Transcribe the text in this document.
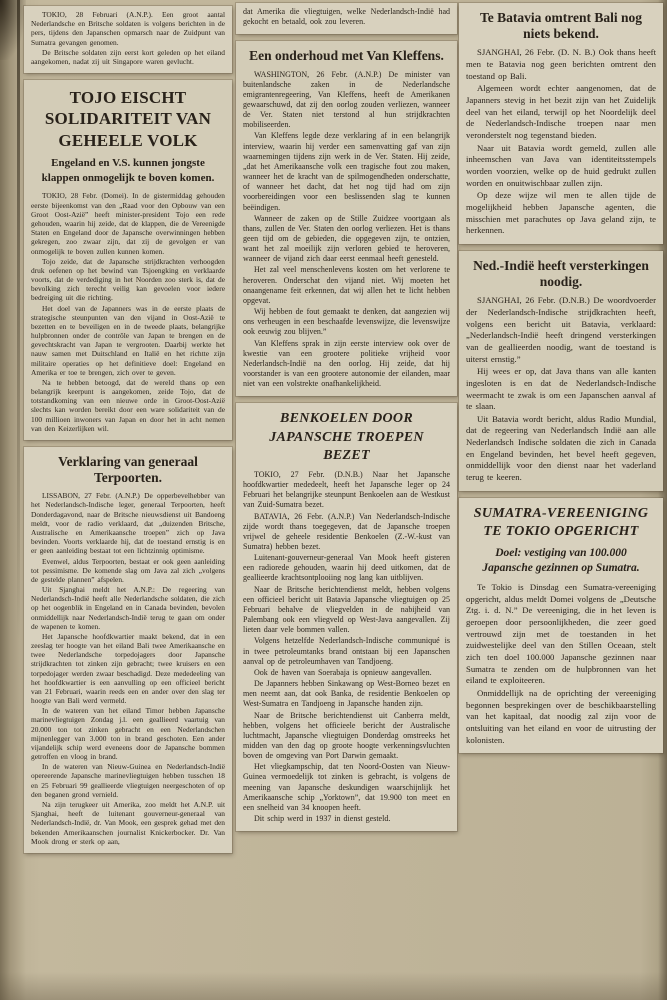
TOKIO, 28 Februari (A.N.P.). Een groot aantal Nederlandsche en Britsche soldaten is volgens berichten in de pers, tijdens den Japanschen opmarsch naar de Zuidpunt van Sumatra gevangen genomen.

De Britsche soldaten zijn eerst kort geleden op het eiland aangekomen, nadat zij uit Singapore waren gevlucht.

TOJO EISCHT SOLIDARITEIT VAN GEHEELE VOLK
Engeland en V.S. kunnen jongste klappen onmogelijk te boven komen.

TOKIO, 28 Febr. (Domei). In de gistermiddag gehouden eerste bijeenkomst van den „Raad voor den Opbouw van een Groot Oost-Azië” heeft minister-president Tojo een rede gehouden, waarin hij zeide, dat de klappen, die de Vereenigde Staten en Engeland door de Japansche overwinningen hebben gekregen, zoo zwaar zijn, dat zij de gevolgen er van onmogelijk te boven zullen kunnen komen.

Tojo zeide, dat de Japansche strijdkrachten verhoogden druk oefenen op het bewind van Tsjoengking en verklaarde voorts, dat de verdediging in het Noorden zoo sterk is, dat de bevolking zich terecht veilig kan gevoelen voor iedere bedreiging uit die richting.

Het doel van de Japanners was in de eerste plaats de strategische steunpunten van den vijand in Oost-Azië te bezetten en te beveiligen en in de tweede plaats, belangrijke hulpbronnen onder de contrôle van Japan te brengen en de gevechtskracht van Japan te vergrooten. Daarbij werkte het nauw samen met Duitschland en Italië en het richtte zijn militaire operaties op het definitieve doel: Engeland en Amerika er toe te brengen, zich over te geven.

Na te hebben betoogd, dat de wereld thans op een belangrijk keerpunt is aangekomen, zeide Tojo, dat de totstandkoming van een nieuwe orde in Groot-Oost-Azië slechts kan worden bereikt door een ware solidariteit van de 100 millioen inwoners van Japan en door het in acht nemen van den Keizerlijken wil.

Verklaring van generaal Terpoorten.

LISSABON, 27 Febr. (A.N.P.) De opperbevelhebber van het Nederlandsch-Indische leger, generaal Terpoorten, heeft Donderdagavond, naar de Britsche nieuwsdienst uit Bandoeng meldt, voor de radio verklaard, dat „duizenden Britsche, Australische en Amerikaansche troepen” zich op Java bevinden. Voorts verklaarde hij, dat de toestand ernstig is en er geen aanleiding bestaat tot een lichtzinnig optimisme.

Evenwel, aldus Terpoorten, bestaat er ook geen aanleiding tot pessimisme. De komende slag om Java zal zich „volgens de gestelde plannen” afspelen.

Uit Sjanghai meldt het A.N.P.: De regeering van Nederlandsch-Indië heeft alle Nederlandsche soldaten, die zich op het oogenblik in Engeland en in Canada bevinden, bevolen onmiddellijk naar Nederlandsch-Indië terug te gaan om onder de wapenen te komen.

Het Japansche hoofdkwartier maakt bekend, dat in een zeeslag ter hoogte van het eiland Bali twee Amerikaansche en twee Nederlandsche torpedojagers door Japansche strijdkrachten tot zinken zijn gebracht; twee kruisers en een torpedojager werden zwaar beschadigd. Deze mededeeling van het hoofdkwartier is een aanvulling op een officieel bericht van 21 Februari, waarin reeds een en ander over den slag ter hoogte van Bali werd vermeld.

In de wateren van het eiland Timor hebben Japansche marinevliegtuigen Zondag j.l. een geallieerd vaartuig van 20.000 ton tot zinken gebracht en een Nederlandschen mijnenlegger van 3.000 ton in brand geschoten. Een ander vijandelijk schip werd eveneens door de Japansche bommen getroffen en vloog in brand.

In de wateren van Nieuw-Guinea en Nederlandsch-Indië opereerende Japansche marinevliegtuigen hebben tusschen 18 en 25 Februari 99 geallieerde vliegtuigen neergeschoten of op den beganen grond vernield.

Na zijn terugkeer uit Amerika, zoo meldt het A.N.P. uit Sjanghai, heeft de luitenant gouverneur-generaal van Nederlandsch-Indië, dr. Van Mook, een gesprek gehad met den bekenden Amerikaanschen journalist Knickerbocker. Dr. Van Mook drong er sterk op aan,

dat Amerika die vliegtuigen, welke Nederlandsch-Indië had gekocht en betaald, ook zou leveren.

Een onderhoud met Van Kleffens.

WASHINGTON, 26 Febr. (A.N.P.) De minister van buitenlandsche zaken in de Nederlandsche emigrantenregeering, Van Kleffens, heeft de Amerikanen gewaarschuwd, dat zij den oorlog zouden verliezen, wanneer de Ver. Staten niet terstond al hun strijdkrachten mobiliseerden.

Van Kleffens legde deze verklaring af in een belangrijk interview, waarin hij verder een samenvatting gaf van zijn waarnemingen tijdens zijn werk in de Ver. Staten. Hij zeide, „dat het Amerikaansche volk een tragische fout zou maken, wanneer het de kracht van de spilmogendheden onderschatte, of wanneer het dacht, dat het nog tijd had om zijn voorbereidingen voor een beslissenden slag te kunnen beëindigen.

Wanneer de zaken op de Stille Zuidzee voortgaan als thans, zullen de Ver. Staten den oorlog verliezen. Het is thans geen tijd om de gebieden, die opgegeven zijn, te ontzien, want het zal moeilijk zijn verloren gebied te heroveren, wanneer de vijand zich daar eerst eenmaal heeft genesteld.

Het zal veel menschenlevens kosten om het verlorene te heroveren. Onderschat den vijand niet. Wij moeten het onaangename feit erkennen, dat wij allen het te licht hebben opgevat.

Wij hebben de fout gemaakt te denken, dat aangezien wij ons verheugen in een beschaafde levenswijze, die levenswijze ook eeuwig zou blijven.”

Van Kleffens sprak in zijn eerste interview ook over de kwestie van een grootere politieke vrijheid voor Nederlandsch-Indië na den oorlog. Hij zeide, dat hij voorstander is van een grootere autonomie der eilanden, maar niet van een volstrekte onafhankelijkheid.

BENKOELEN DOOR JAPANSCHE TROEPEN BEZET

TOKIO, 27 Febr. (D.N.B.) Naar het Japansche hoofdkwartier mededeelt, heeft het Japansche leger op 24 Februari het belangrijke steunpunt Benkoelen aan de Westkust van Zuid-Sumatra bezet.

BATAVIA, 26 Febr. (A.N.P.) Van Nederlandsch-Indische zijde wordt thans toegegeven, dat de Japansche troepen vrijwel de geheele residentie Benkoelen (Z.-W.-kust van Sumatra) hebben bezet.

Luitenant-gouverneur-generaal Van Mook heeft gisteren een radiorede gehouden, waarin hij deed uitkomen, dat de geallieerde krachtsontplooiing nog lang kan uitblijven.

Naar de Britsche berichtendienst meldt, hebben volgens een officieel bericht uit Batavia Japansche vliegtuigen op 25 Februari behalve de vliegvelden in de nabijheid van Palembang ook een vliegveld op West-Java aangevallen. Zij lieten daar vele bommen vallen.

Volgens hetzelfde Nederlandsch-Indische communiqué is in twee petroleumtanks brand ontstaan bij een Japanschen aanval op de petroleumhaven van Tandjoeng.

Ook de haven van Soerabaja is opnieuw aangevallen.

De Japanners hebben Sinkawang op West-Borneo bezet en men neemt aan, dat ook Banka, de residentie Benkoelen op West-Sumatra en Tandjoeng in Japansche handen zijn.

Naar de Britsche berichtendienst uit Canberra meldt, hebben, volgens het officieele bericht der Australische luchtmacht, Japansche vliegtuigen Donderdag omstreeks het midden van den dag op groote hoogte verkenningsvluchten boven de omgeving van Port Darwin gemaakt.

Het vliegkampschip, dat ten Noord-Oosten van Nieuw-Guinea vermoedelijk tot zinken is gebracht, is volgens de meening van Japansche deskundigen waarschijnlijk het Amerikaansche schip „Yorktown”, dat 19.900 ton meet en een snelheid van 34 knoopen heeft.

Dit schip werd in 1937 in dienst gesteld.

Te Batavia omtrent Bali nog niets bekend.

SJANGHAI, 26 Febr. (D. N. B.) Ook thans heeft men te Batavia nog geen berichten omtrent den toestand op Bali.

Algemeen wordt echter aangenomen, dat de Japanners stevig in het bezit zijn van het Zuidelijk deel van het eiland, terwijl op het Noordelijk deel de Nederlandsch-Indische troepen naar men veronderstelt nog tegenstand bieden.

Naar uit Batavia wordt gemeld, zullen alle inheemschen van Java van identiteitsstempels worden voorzien, welke op de huid gedrukt zullen worden en onuitwischbaar zullen zijn.

Op deze wijze wil men te allen tijde de mogelijkheid hebben Japansche agenten, die misschien met parachutes op Java geland zijn, te herkennen.

Ned.-Indië heeft versterkingen noodig.

SJANGHAI, 26 Febr. (D.N.B.) De woordvoerder der Nederlandsch-Indische strijdkrachten heeft, volgens een bericht uit Batavia, verklaard: „Nederlandsch-Indië heeft dringend versterkingen van de geallieerden noodig, want de toestand is uiterst ernstig.”

Hij wees er op, dat Java thans van alle kanten ingesloten is en dat de Nederlandsch-Indische weermacht te zwak is om een Japanschen aanval af te slaan.

Uit Batavia wordt bericht, aldus Radio Mundial, dat de regeering van Nederlandsch Indië aan alle Nederlandsch Indische soldaten die zich in Canada en Engeland bevinden, het bevel heeft gegeven, onmiddellijk voor den dienst naar het vaderland terug te keeren.

SUMATRA-VEREENIGING TE TOKIO OPGERICHT
Doel: vestiging van 100.000 Japansche gezinnen op Sumatra.

Te Tokio is Dinsdag een Sumatra-vereeniging opgericht, aldus meldt Domei volgens de „Deutsche Ztg. i. d. N.” De vereeniging, die in het leven is geroepen door persoonlijkheden, die zeer goed vertrouwd zijn met de toestanden in het zuidwestelijke deel van den Stillen Oceaan, stelt zich ten doel 100.000 Japansche gezinnen naar Sumatra te zenden om de hulpbronnen van het eiland te exploiteeren.

Onmiddellijk na de oprichting der vereeniging begonnen besprekingen over de beschikbaarstelling van het kapitaal, dat noodig zal zijn voor de ontsluiting van het eiland en voor de uitrusting der kolonisten.
